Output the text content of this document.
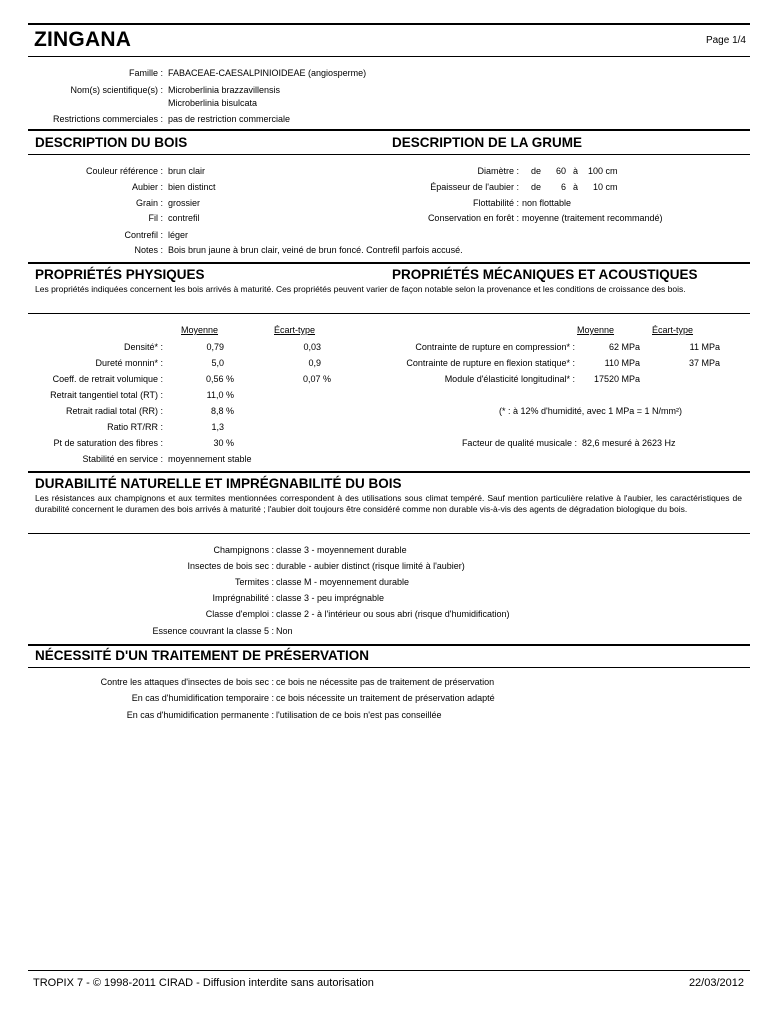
ZINGANA	Page 1/4
Famille : FABACEAE-CAESALPINIOIDEAE (angiosperme)
Nom(s) scientifique(s) : Microberlinia brazzavillensis
Microberlinia bisulcata
Restrictions commerciales : pas de restriction commerciale
DESCRIPTION DU BOIS	DESCRIPTION DE LA GRUME
Couleur référence : brun clair
Aubier : bien distinct
Grain : grossier
Fil : contrefil
Contrefil : léger
Notes : Bois brun jaune à brun clair, veiné de brun foncé. Contrefil parfois accusé.
Diamètre : de 60 à 100 cm
Épaisseur de l'aubier : de 6 à 10 cm
Flottabilité : non flottable
Conservation en forêt : moyenne (traitement recommandé)
PROPRIÉTÉS PHYSIQUES	PROPRIÉTÉS MÉCANIQUES ET ACOUSTIQUES
Les propriétés indiquées concernent les bois arrivés à maturité. Ces propriétés peuvent varier de façon notable selon la provenance et les conditions de croissance des bois.
Moyenne	Écart-type
Densité* :	0,79	0,03
Dureté monnin* :	5,0	0,9
Coeff. de retrait volumique :	0,56 %	0,07 %
Retrait tangentiel total (RT) :	11,0 %
Retrait radial total (RR) :	8,8 %
Ratio RT/RR :	1,3
Pt de saturation des fibres :	30 %
Stabilité en service : moyennement stable
Moyenne	Écart-type
Contrainte de rupture en compression* :	62 MPa	11 MPa
Contrainte de rupture en flexion statique* :	110 MPa	37 MPa
Module d'élasticité longitudinal* : 17520 MPa
(* : à 12% d'humidité, avec 1 MPa = 1 N/mm²)
Facteur de qualité musicale : 82,6 mesuré à 2623 Hz
DURABILITÉ NATURELLE ET IMPRÉGNABILITÉ DU BOIS
Les résistances aux champignons et aux termites mentionnées correspondent à des utilisations sous climat tempéré. Sauf mention particulière relative à l'aubier, les caractéristiques de durabilité concernent le duramen des bois arrivés à maturité ; l'aubier doit toujours être considéré comme non durable vis-à-vis des agents de dégradation biologique du bois.
Champignons : classe 3 - moyennement durable
Insectes de bois sec : durable - aubier distinct (risque limité à l'aubier)
Termites : classe M - moyennement durable
Imprégnabilité : classe 3 - peu imprégnable
Classe d'emploi : classe 2 - à l'intérieur ou sous abri (risque d'humidification)
Essence couvrant la classe 5 : Non
NÉCESSITÉ D'UN TRAITEMENT DE PRÉSERVATION
Contre les attaques d'insectes de bois sec : ce bois ne nécessite pas de traitement de préservation
En cas d'humidification temporaire : ce bois nécessite un traitement de préservation adapté
En cas d'humidification permanente : l'utilisation de ce bois n'est pas conseillée
TROPIX 7 - © 1998-2011 CIRAD - Diffusion interdite sans autorisation	22/03/2012
